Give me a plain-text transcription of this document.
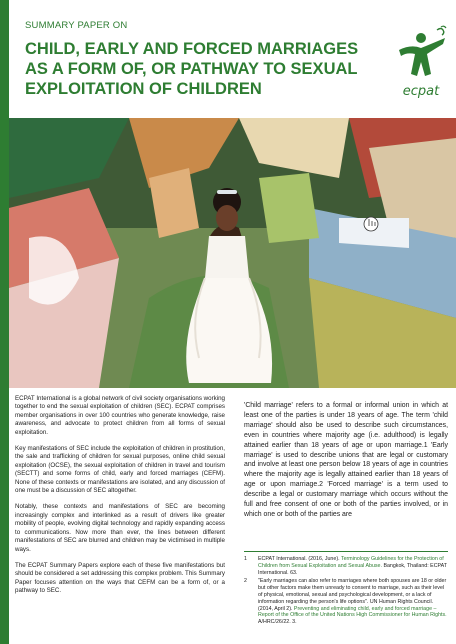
SUMMARY PAPER ON
CHILD, EARLY AND FORCED MARRIAGES
AS A FORM OF, OR PATHWAY TO SEXUAL
EXPLOITATION OF CHILDREN	ecpat

ECPAT International is a global network of civil society organisations working together to end the sexual exploitation of children (SEC). ECPAT comprises member organisations in over 100 countries who generate knowledge, raise awareness, and advocate to protect children from all forms of sexual exploitation.

Key manifestations of SEC include the exploitation of children in prostitution, the sale and trafficking of children for sexual purposes, online child sexual exploitation (OCSE), the sexual exploitation of children in travel and tourism (SECTT) and some forms of child, early and forced marriages (CEFM). None of these contexts or manifestations are isolated, and any discussion of one must be a discussion of SEC altogether.

Notably, these contexts and manifestations of SEC are becoming increasingly complex and interlinked as a result of drivers like greater mobility of people, evolving digital technology and rapidly expanding access to communications. Now more than ever, the lines between different manifestations of SEC are blurred and children may be victimised in multiple ways.

The ECPAT Summary Papers explore each of these five manifestations but should be considered a set addressing this complex problem. This Summary Paper focuses attention on the ways that CEFM can be a form of, or a pathway to SEC.

'Child marriage' refers to a formal or informal union in which at least one of the parties is under 18 years of age. The term 'child marriage' should also be used to describe such circumstances, even in countries where majority age (i.e. adulthood) is legally attained earlier than 18 years of age or upon marriage.1 'Early marriage' is used to describe unions that are legal or customary and involve at least one person below 18 years of age in countries where the majority age is legally attained earlier than 18 years of age or upon marriage.2 'Forced marriage' is a term used to describe a legal or customary marriage which occurs without the full and free consent of one or both of the parties involved, or in which one or both of the parties are

1	ECPAT International. (2016, June). Terminology Guidelines for the Protection of Children from Sexual Exploitation and Sexual Abuse. Bangkok, Thailand: ECPAT International. 63.
2	"Early marriages can also refer to marriages where both spouses are 18 or older but other factors make them unready to consent to marriage, such as their level of physical, emotional, sexual and psychological development, or a lack of information regarding the person's life options". UN Human Rights Council. (2014, April 2). Preventing and eliminating child, early and forced marriage – Report of the Office of the United Nations High Commissioner for Human Rights. A/HRC/26/22. 3.
